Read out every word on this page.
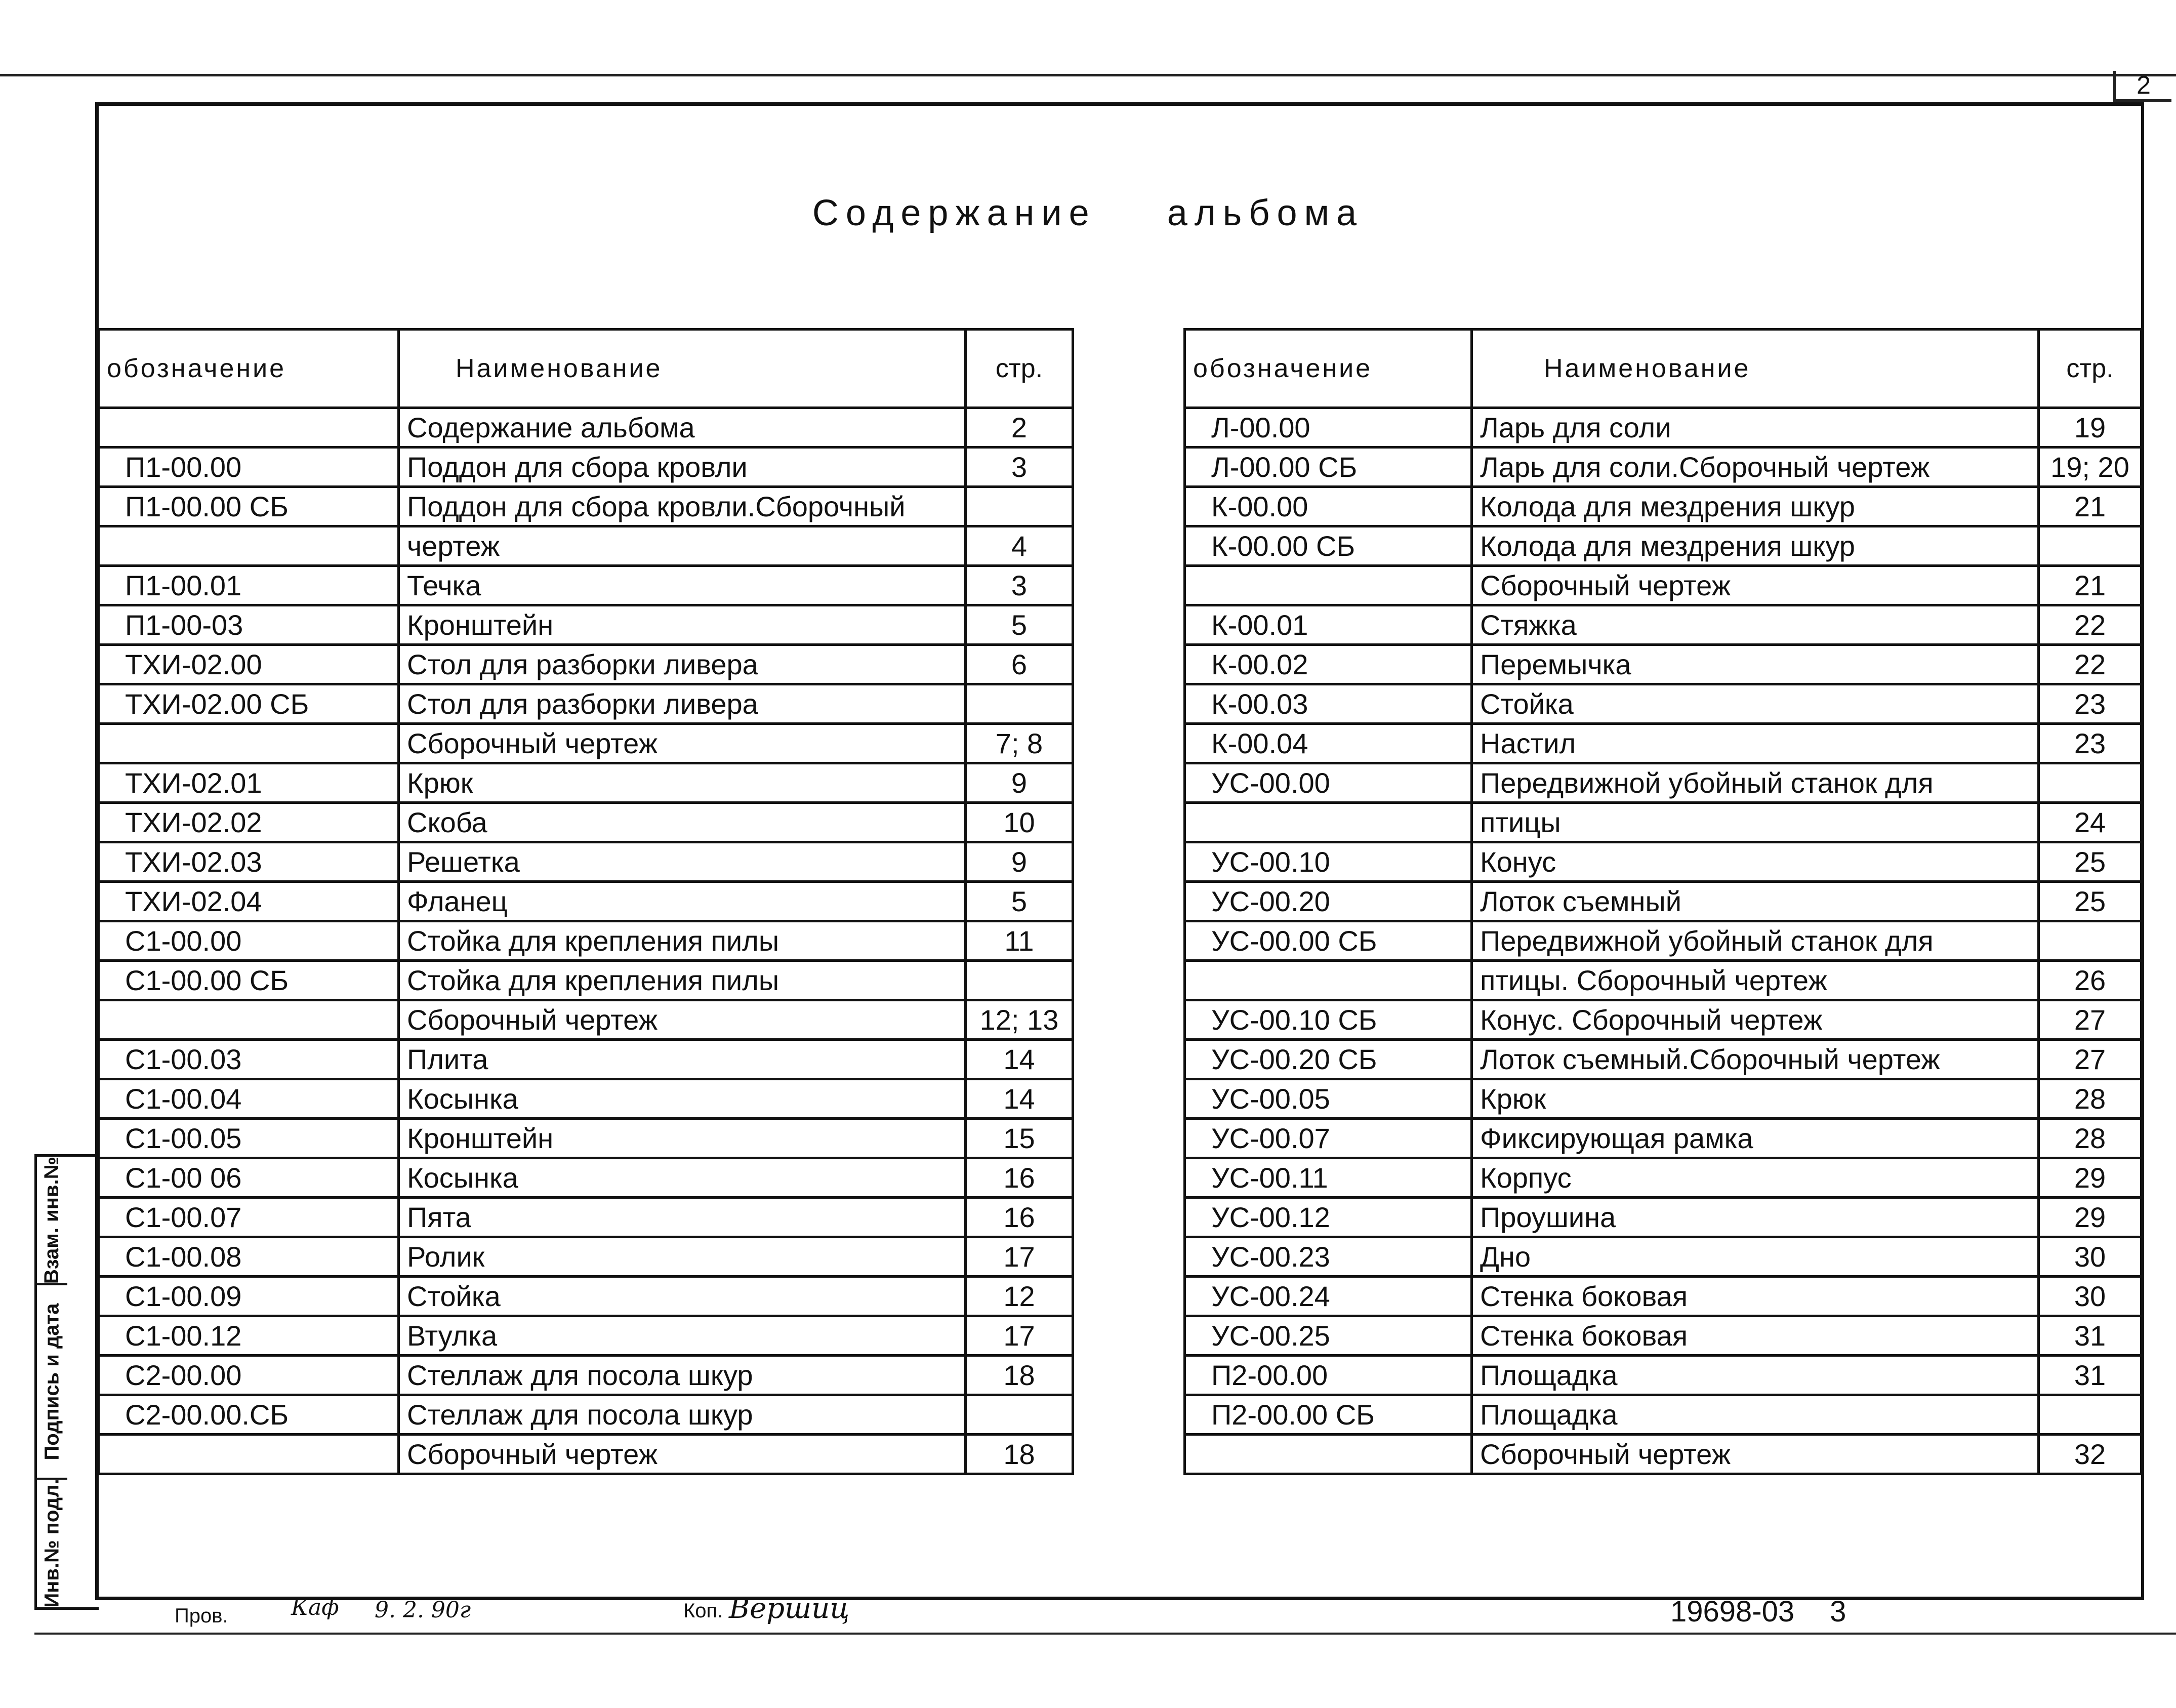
2
Содержание альбома
обозначение	Наименование	стр.
	Содержание альбома	2
П1-00.00	Поддон для сбора кровли	3
П1-00.00 СБ	Поддон для сбора кровли.Сборочный	
	чертеж	4
П1-00.01	Течка	3
П1-00-03	Кронштейн	5
ТХИ-02.00	Стол для разборки ливера	6
ТХИ-02.00 СБ	Стол для разборки ливера	
	Сборочный чертеж	7; 8
ТХИ-02.01	Крюк	9
ТХИ-02.02	Скоба	10
ТХИ-02.03	Решетка	9
ТХИ-02.04	Фланец	5
С1-00.00	Стойка для крепления пилы	11
С1-00.00 СБ	Стойка для крепления пилы	
	Сборочный чертеж	12; 13
С1-00.03	Плита	14
С1-00.04	Косынка	14
С1-00.05	Кронштейн	15
С1-00 06	Косынка	16
С1-00.07	Пята	16
С1-00.08	Ролик	17
С1-00.09	Стойка	12
С1-00.12	Втулка	17
С2-00.00	Стеллаж для посола шкур	18
С2-00.00.СБ	Стеллаж для посола шкур	
	Сборочный чертеж	18
обозначение	Наименование	стр.
Л-00.00	Ларь для соли	19
Л-00.00 СБ	Ларь для соли.Сборочный чертеж	19; 20
К-00.00	Колода для мездрения шкур	21
К-00.00 СБ	Колода для мездрения шкур	
	Сборочный чертеж	21
К-00.01	Стяжка	22
К-00.02	Перемычка	22
К-00.03	Стойка	23
К-00.04	Настил	23
УС-00.00	Передвижной убойный станок для	
	птицы	24
УС-00.10	Конус	25
УС-00.20	Лоток съемный	25
УС-00.00 СБ	Передвижной убойный станок для	
	птицы. Сборочный чертеж	26
УС-00.10 СБ	Конус. Сборочный чертеж	27
УС-00.20 СБ	Лоток съемный.Сборочный чертеж	27
УС-00.05	Крюк	28
УС-00.07	Фиксирующая рамка	28
УС-00.11	Корпус	29
УС-00.12	Проушина	29
УС-00.23	Дно	30
УС-00.24	Стенка боковая	30
УС-00.25	Стенка боковая	31
П2-00.00	Площадка	31
П2-00.00 СБ	Площадка	
	Сборочный чертеж	32
Взам. инв.№
Подпись и дата
Инв.№ подл.
Пров.	Каф 9. 2. 90г	Коп. Вершиц	19698-03 3
